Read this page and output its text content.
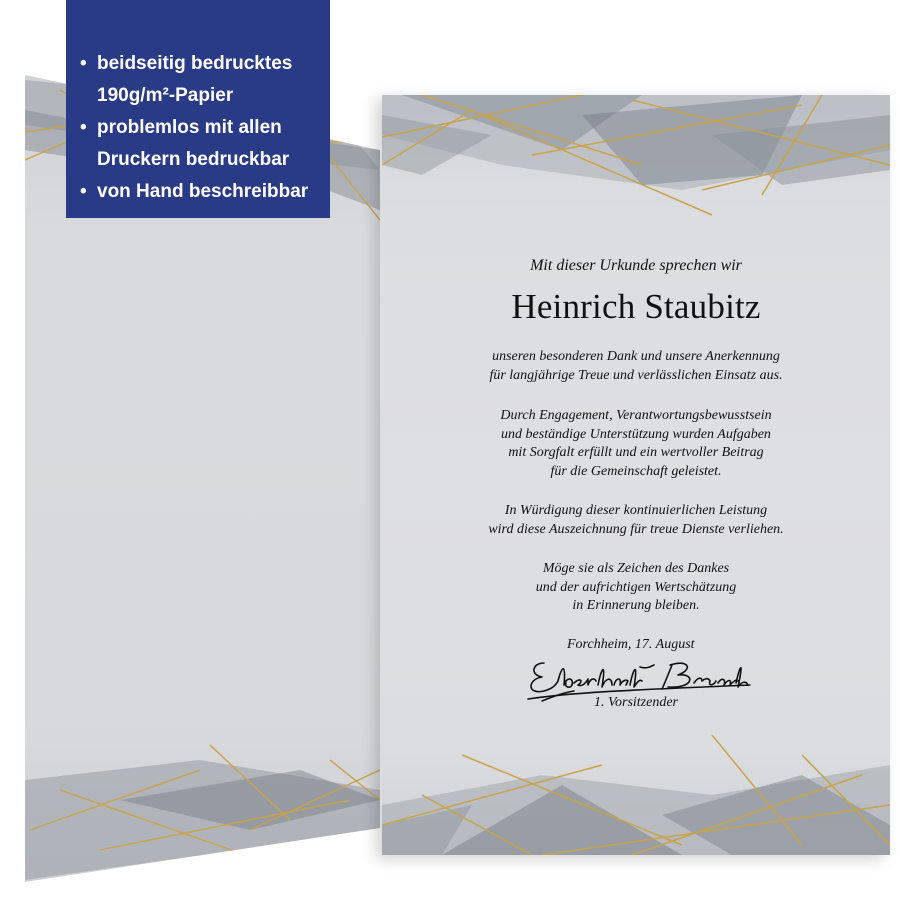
Mit dieser Urkunde sprechen wir
Heinrich Staubitz
unseren besonderen Dank und unsere Anerkennung
für langjährige Treue und verlässlichen Einsatz aus.
Durch Engagement, Verantwortungsbewusstsein
und beständige Unterstützung wurden Aufgaben
mit Sorgfalt erfüllt und ein wertvoller Beitrag
für die Gemeinschaft geleistet.
In Würdigung dieser kontinuierlichen Leistung
wird diese Auszeichnung für treue Dienste verliehen.
Möge sie als Zeichen des Dankes
und der aufrichtigen Wertschätzung
in Erinnerung bleiben.
Forchheim, 17. August
1. Vorsitzender
• beidseitig bedrucktes
190g/m²-Papier
• problemlos mit allen
Druckern bedruckbar
• von Hand beschreibbar
